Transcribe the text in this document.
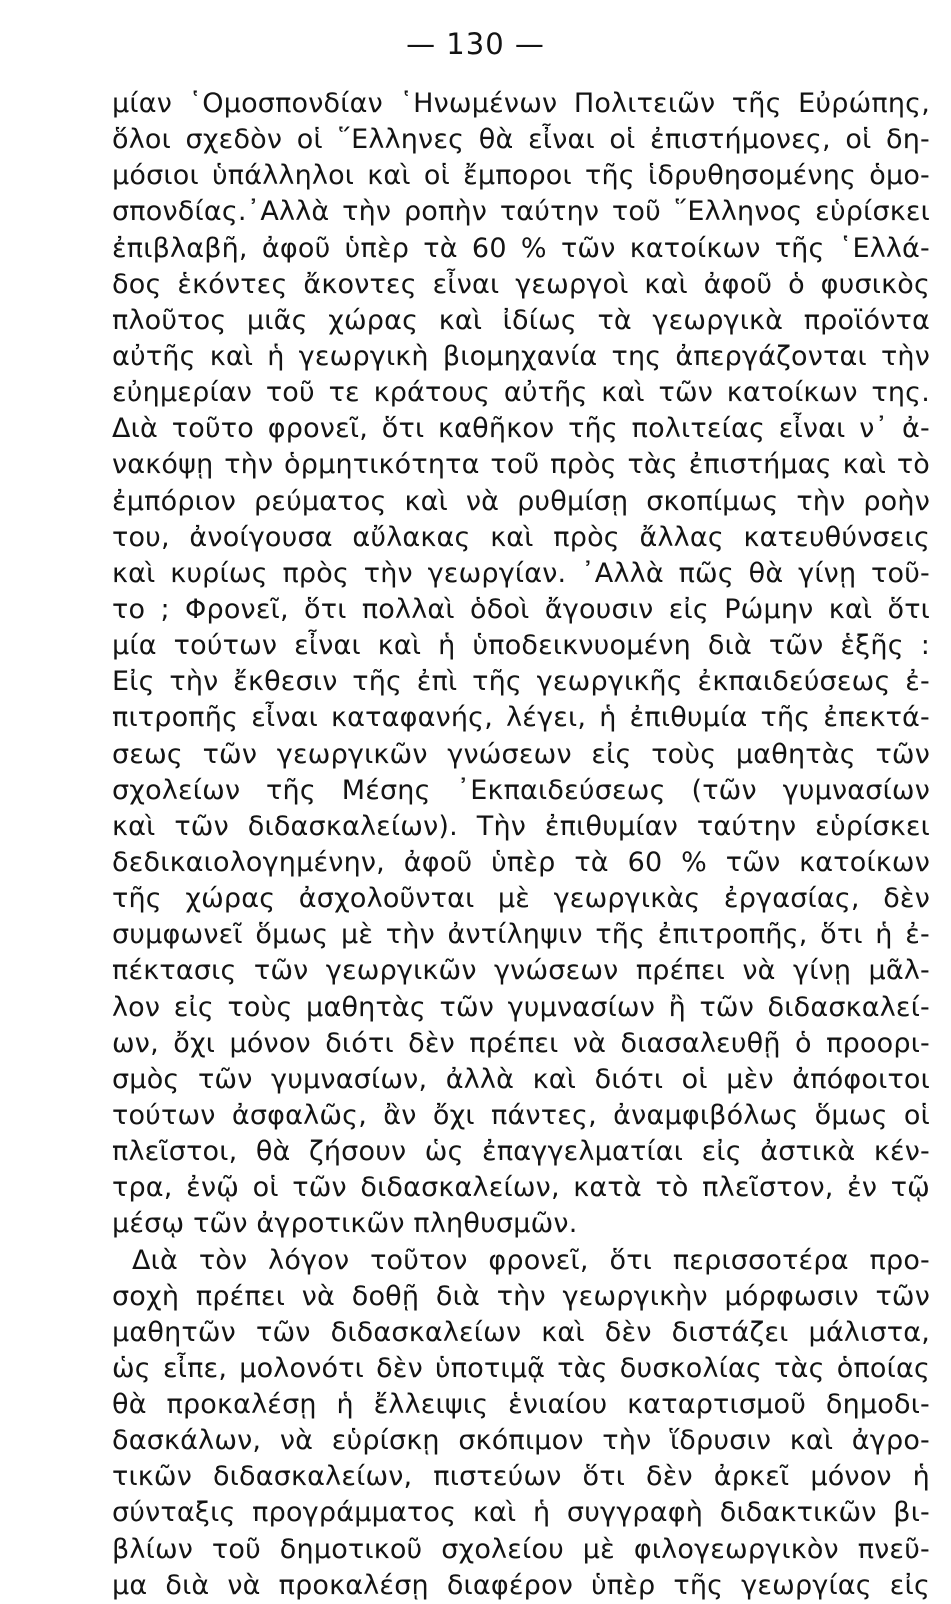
— 130 —
μίαν ῾Ομοσπονδίαν ῾Ηνωμένων Πολιτειῶν τῆς Εὐρώπης,
ὅλοι σχεδὸν οἱ ῞Ελληνες θὰ εἶναι οἱ ἐπιστήμονες, οἱ δη-
μόσιοι ὑπάλληλοι καὶ οἱ ἔμποροι τῆς ἱδρυθησομένης ὁμο-
σπονδίας.᾿Αλλὰ τὴν ροπὴν ταύτην τοῦ ῞Ελληνος εὑρίσκει
ἐπιβλαβῆ, ἀφοῦ ὑπὲρ τὰ 60 % τῶν κατοίκων τῆς ῾Ελλά-
δος ἑκόντες ἄκοντες εἶναι γεωργοὶ καὶ ἀφοῦ ὁ φυσικὸς
πλοῦτος μιᾶς χώρας καὶ ἰδίως τὰ γεωργικὰ προϊόντα
αὐτῆς καὶ ἡ γεωργικὴ βιομηχανία της ἀπεργάζονται τὴν
εὐημερίαν τοῦ τε κράτους αὐτῆς καὶ τῶν κατοίκων της.
Διὰ τοῦτο φρονεῖ, ὅτι καθῆκον τῆς πολιτείας εἶναι ν᾿ ἀ-
νακόψῃ τὴν ὁρμητικότητα τοῦ πρὸς τὰς ἐπιστήμας καὶ τὸ
ἐμπόριον ρεύματος καὶ νὰ ρυθμίσῃ σκοπίμως τὴν ροὴν
του, ἀνοίγουσα αὔλακας καὶ πρὸς ἄλλας κατευθύνσεις
καὶ κυρίως πρὸς τὴν γεωργίαν. ᾿Αλλὰ πῶς θὰ γίνῃ τοῦ-
το ; Φρονεῖ, ὅτι πολλαὶ ὁδοὶ ἄγουσιν εἰς Ρώμην καὶ ὅτι
μία τούτων εἶναι καὶ ἡ ὑποδεικνυομένη διὰ τῶν ἑξῆς :
Εἰς τὴν ἔκθεσιν τῆς ἐπὶ τῆς γεωργικῆς ἐκπαιδεύσεως ἐ-
πιτροπῆς εἶναι καταφανής, λέγει, ἡ ἐπιθυμία τῆς ἐπεκτά-
σεως τῶν γεωργικῶν γνώσεων εἰς τοὺς μαθητὰς τῶν
σχολείων τῆς Μέσης ᾿Εκπαιδεύσεως (τῶν γυμνασίων
καὶ τῶν διδασκαλείων). Τὴν ἐπιθυμίαν ταύτην εὑρίσκει
δεδικαιολογημένην, ἀφοῦ ὑπὲρ τὰ 60 % τῶν κατοίκων
τῆς χώρας ἀσχολοῦνται μὲ γεωργικὰς ἐργασίας, δὲν
συμφωνεῖ ὅμως μὲ τὴν ἀντίληψιν τῆς ἐπιτροπῆς, ὅτι ἡ ἐ-
πέκτασις τῶν γεωργικῶν γνώσεων πρέπει νὰ γίνῃ μᾶλ-
λον εἰς τοὺς μαθητὰς τῶν γυμνασίων ἢ τῶν διδασκαλεί-
ων, ὄχι μόνον διότι δὲν πρέπει νὰ διασαλευθῇ ὁ προορι-
σμὸς τῶν γυμνασίων, ἀλλὰ καὶ διότι οἱ μὲν ἀπόφοιτοι
τούτων ἀσφαλῶς, ἂν ὄχι πάντες, ἀναμφιβόλως ὅμως οἱ
πλεῖστοι, θὰ ζήσουν ὡς ἐπαγγελματίαι εἰς ἀστικὰ κέν-
τρα, ἐνῷ οἱ τῶν διδασκαλείων, κατὰ τὸ πλεῖστον, ἐν τῷ
μέσῳ τῶν ἀγροτικῶν πληθυσμῶν.
Διὰ τὸν λόγον τοῦτον φρονεῖ, ὅτι περισσοτέρα προ-
σοχὴ πρέπει νὰ δοθῇ διὰ τὴν γεωργικὴν μόρφωσιν τῶν
μαθητῶν τῶν διδασκαλείων καὶ δὲν διστάζει μάλιστα,
ὡς εἶπε, μολονότι δὲν ὑποτιμᾷ τὰς δυσκολίας τὰς ὁποίας
θὰ προκαλέσῃ ἡ ἔλλειψις ἑνιαίου καταρτισμοῦ δημοδι-
δασκάλων, νὰ εὑρίσκῃ σκόπιμον τὴν ἵδρυσιν καὶ ἀγρο-
τικῶν διδασκαλείων, πιστεύων ὅτι δὲν ἀρκεῖ μόνον ἡ
σύνταξις προγράμματος καὶ ἡ συγγραφὴ διδακτικῶν βι-
βλίων τοῦ δημοτικοῦ σχολείου μὲ φιλογεωργικὸν πνεῦ-
μα διὰ νὰ προκαλέσῃ διαφέρον ὑπὲρ τῆς γεωργίας εἰς
